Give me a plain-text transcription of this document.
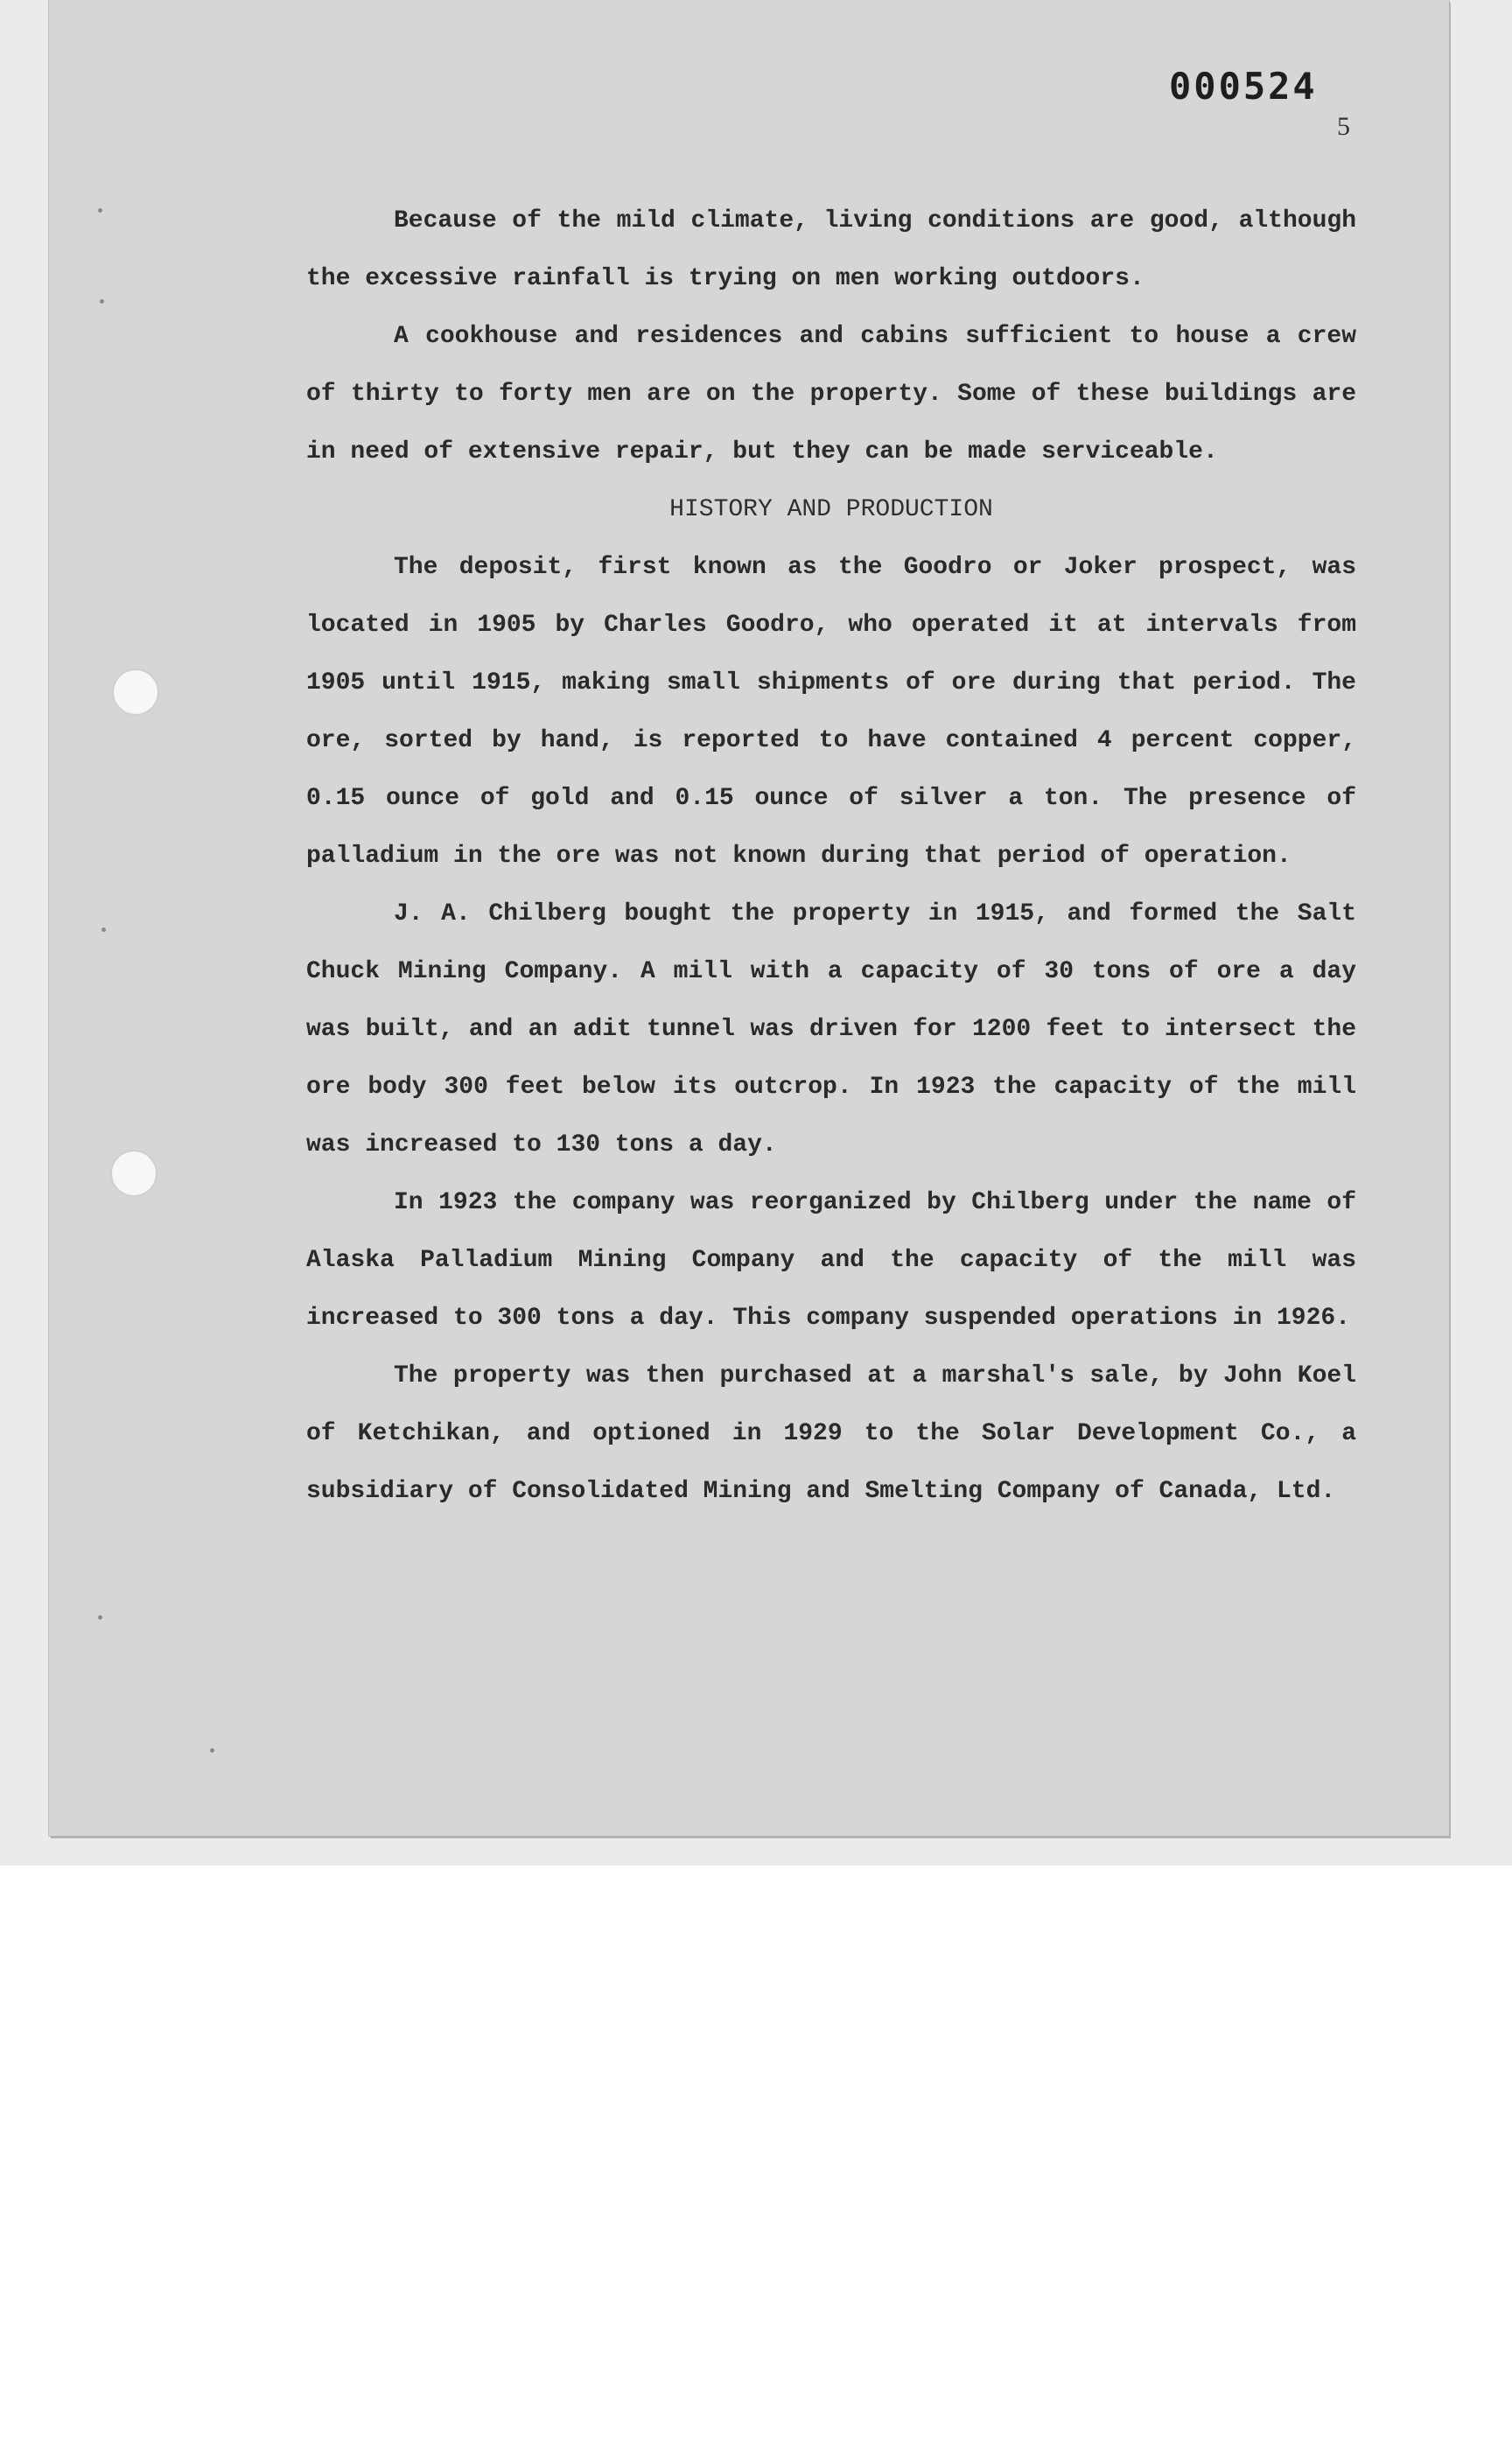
000524
5

Because of the mild climate, living conditions are good, although the excessive rainfall is trying on men working outdoors.

A cookhouse and residences and cabins sufficient to house a crew of thirty to forty men are on the property. Some of these buildings are in need of extensive repair, but they can be made serviceable.

HISTORY AND PRODUCTION

The deposit, first known as the Goodro or Joker prospect, was located in 1905 by Charles Goodro, who operated it at intervals from 1905 until 1915, making small shipments of ore during that period. The ore, sorted by hand, is reported to have contained 4 percent copper, 0.15 ounce of gold and 0.15 ounce of silver a ton. The presence of palladium in the ore was not known during that period of operation.

J. A. Chilberg bought the property in 1915, and formed the Salt Chuck Mining Company. A mill with a capacity of 30 tons of ore a day was built, and an adit tunnel was driven for 1200 feet to intersect the ore body 300 feet below its outcrop. In 1923 the capacity of the mill was increased to 130 tons a day.

In 1923 the company was reorganized by Chilberg under the name of Alaska Palladium Mining Company and the capacity of the mill was increased to 300 tons a day. This company suspended operations in 1926.

The property was then purchased at a marshal's sale, by John Koel of Ketchikan, and optioned in 1929 to the Solar Development Co., a subsidiary of Consolidated Mining and Smelting Company of Canada, Ltd.
